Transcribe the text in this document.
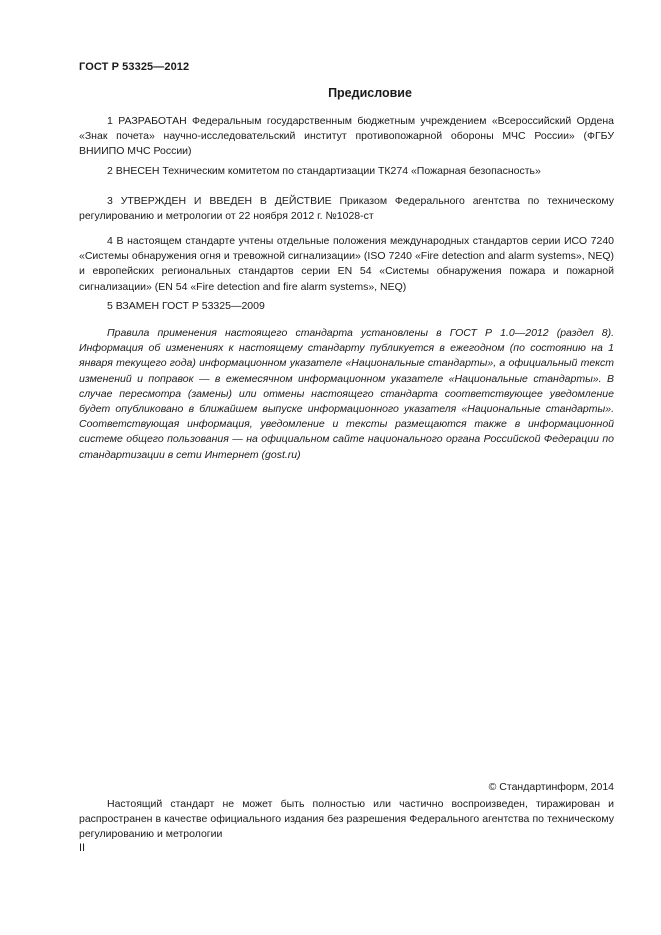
ГОСТ Р 53325—2012
Предисловие

1 РАЗРАБОТАН Федеральным государственным бюджетным учреждением «Всероссийский Ордена «Знак почета» научно-исследовательский институт противопожарной обороны МЧС России» (ФГБУ ВНИИПО МЧС России)

2 ВНЕСЕН Техническим комитетом по стандартизации ТК274 «Пожарная безопасность»

3 УТВЕРЖДЕН И ВВЕДЕН В ДЕЙСТВИЕ Приказом Федерального агентства по техническому регулированию и метрологии от 22 ноября 2012 г. №1028-ст

4 В настоящем стандарте учтены отдельные положения международных стандартов серии ИСО 7240 «Системы обнаружения огня и тревожной сигнализации» (ISO 7240 «Fire detection and alarm systems», NEQ) и европейских региональных стандартов серии EN 54 «Системы обнаружения пожара и пожарной сигнализации» (EN 54 «Fire detection and fire alarm systems», NEQ)

5 ВЗАМЕН ГОСТ Р 53325—2009

Правила применения настоящего стандарта установлены в ГОСТ Р 1.0—2012 (раздел 8). Информация об изменениях к настоящему стандарту публикуется в ежегодном (по состоянию на 1 января текущего года) информационном указателе «Национальные стандарты», а официальный текст изменений и поправок — в ежемесячном информационном указателе «Национальные стандарты». В случае пересмотра (замены) или отмены настоящего стандарта соответствующее уведомление будет опубликовано в ближайшем выпуске информационного указателя «Национальные стандарты». Соответствующая информация, уведомление и тексты размещаются также в информационной системе общего пользования — на официальном сайте национального органа Российской Федерации по стандартизации в сети Интернет (gost.ru)

© Стандартинформ, 2014

Настоящий стандарт не может быть полностью или частично воспроизведен, тиражирован и распространен в качестве официального издания без разрешения Федерального агентства по техническому регулированию и метрологии

II
